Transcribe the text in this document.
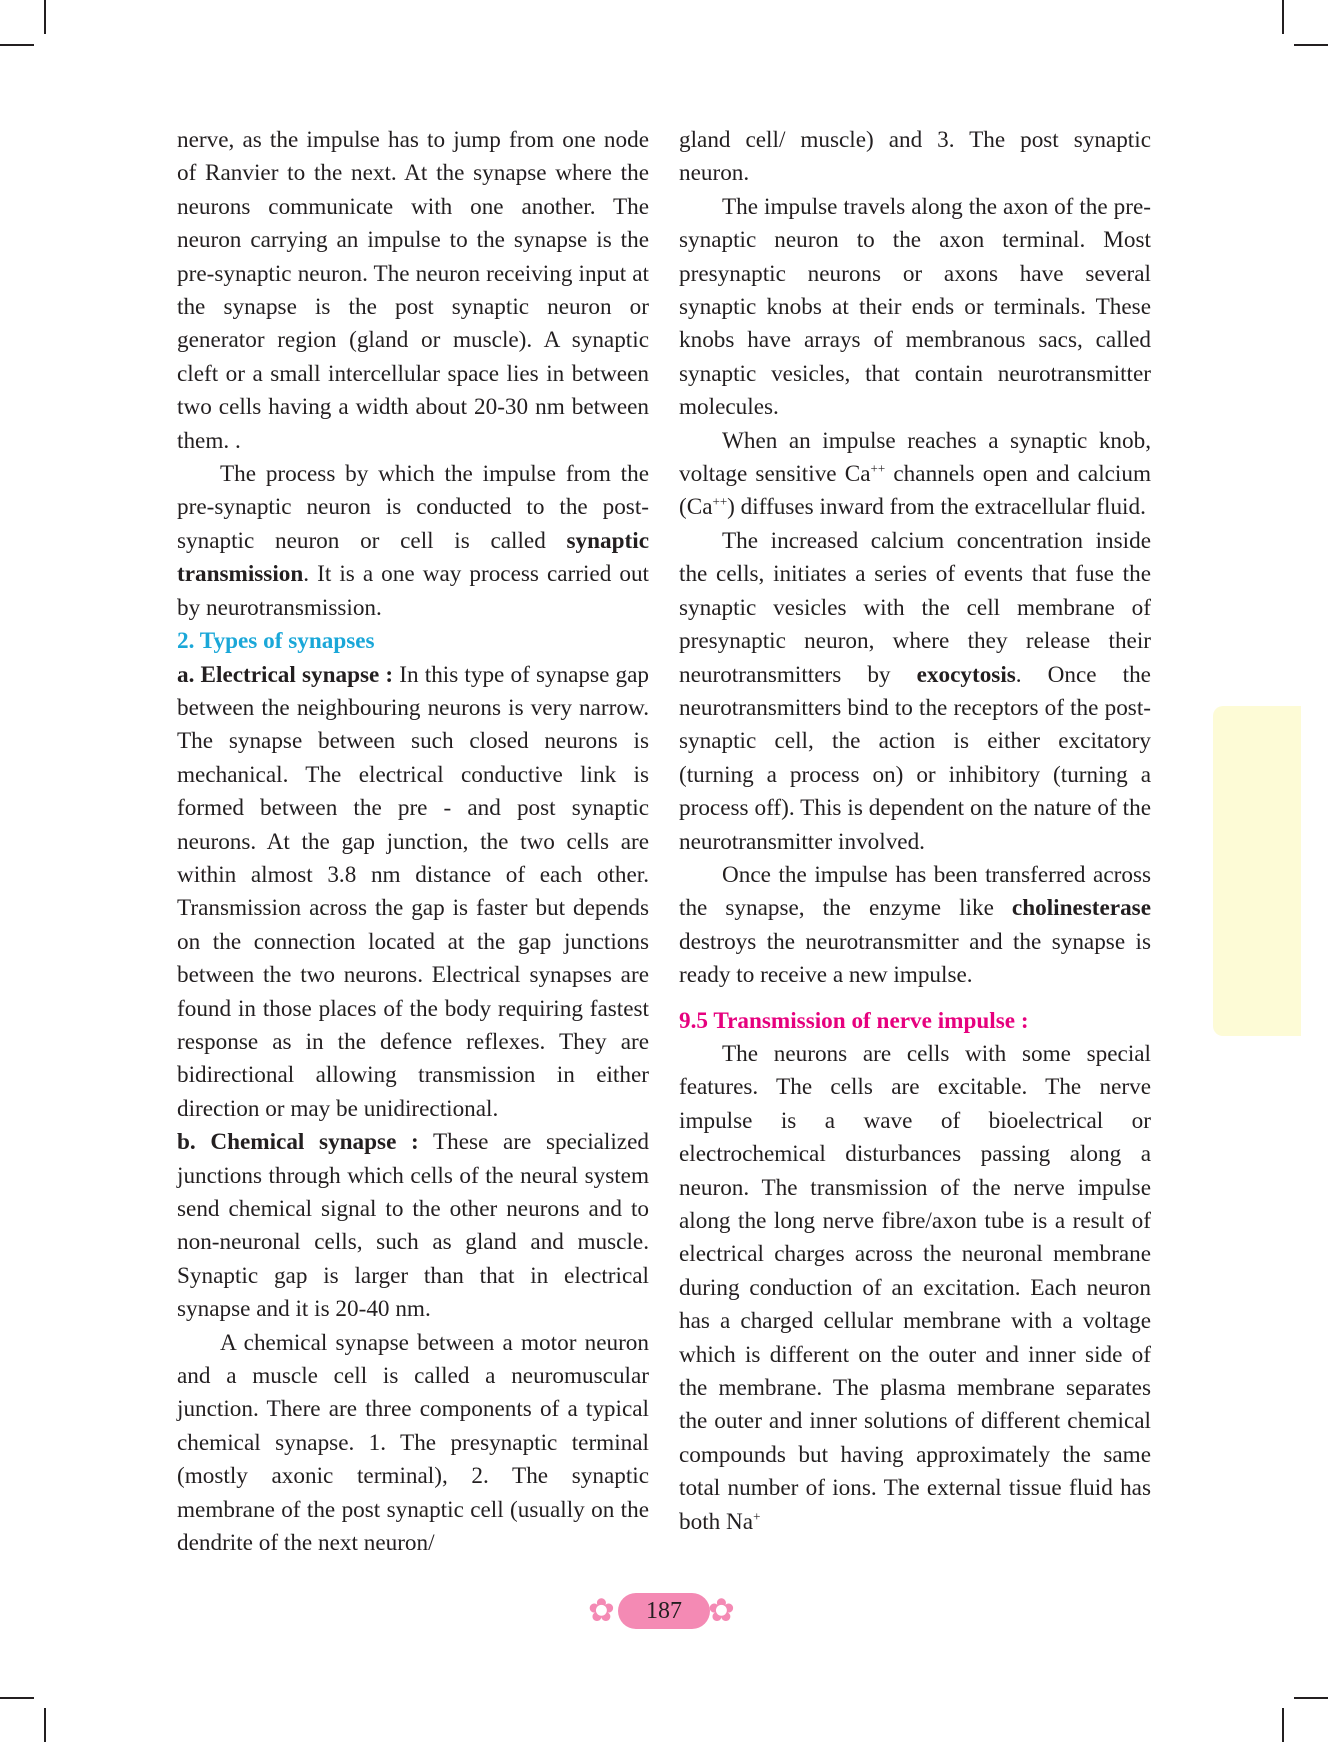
nerve, as the impulse has to jump from one node of Ranvier to the next. At the synapse where the neurons communicate with one another. The neuron carrying an impulse to the synapse is the pre-synaptic neuron. The neuron receiving input at the synapse is the post synaptic neuron or generator region (gland or muscle). A synaptic cleft or a small intercellular space lies in between two cells having a width about 20-30 nm between them. .

The process by which the impulse from the pre-synaptic neuron is conducted to the post-synaptic neuron or cell is called synaptic transmission. It is a one way process carried out by neurotransmission.

2. Types of synapses

a. Electrical synapse : In this type of synapse gap between the neighbouring neurons is very narrow. The synapse between such closed neurons is mechanical. The electrical conductive link is formed between the pre - and post synaptic neurons. At the gap junction, the two cells are within almost 3.8 nm distance of each other. Transmission across the gap is faster but depends on the connection located at the gap junctions between the two neurons. Electrical synapses are found in those places of the body requiring fastest response as in the defence reflexes. They are bidirectional allowing transmission in either direction or may be unidirectional.

b. Chemical synapse : These are specialized junctions through which cells of the neural system send chemical signal to the other neurons and to non-neuronal cells, such as gland and muscle. Synaptic gap is larger than that in electrical synapse and it is 20-40 nm.

A chemical synapse between a motor neuron and a muscle cell is called a neuromuscular junction. There are three components of a typical chemical synapse. 1. The presynaptic terminal (mostly axonic terminal), 2. The synaptic membrane of the post synaptic cell (usually on the dendrite of the next neuron/

gland cell/ muscle) and 3. The post synaptic neuron.

The impulse travels along the axon of the pre-synaptic neuron to the axon terminal. Most presynaptic neurons or axons have several synaptic knobs at their ends or terminals. These knobs have arrays of membranous sacs, called synaptic vesicles, that contain neurotransmitter molecules.

When an impulse reaches a synaptic knob, voltage sensitive Ca++ channels open and calcium (Ca++) diffuses inward from the extracellular fluid.

The increased calcium concentration inside the cells, initiates a series of events that fuse the synaptic vesicles with the cell membrane of presynaptic neuron, where they release their neurotransmitters by exocytosis. Once the neurotransmitters bind to the receptors of the post-synaptic cell, the action is either excitatory (turning a process on) or inhibitory (turning a process off). This is dependent on the nature of the neurotransmitter involved.

Once the impulse has been transferred across the synapse, the enzyme like cholinesterase destroys the neurotransmitter and the synapse is ready to receive a new impulse.

9.5 Transmission of nerve impulse :

The neurons are cells with some special features. The cells are excitable. The nerve impulse is a wave of bioelectrical or electrochemical disturbances passing along a neuron. The transmission of the nerve impulse along the long nerve fibre/axon tube is a result of electrical charges across the neuronal membrane during conduction of an excitation. Each neuron has a charged cellular membrane with a voltage which is different on the outer and inner side of the membrane. The plasma membrane separates the outer and inner solutions of different chemical compounds but having approximately the same total number of ions. The external tissue fluid has both Na+

✿	187 ✿
